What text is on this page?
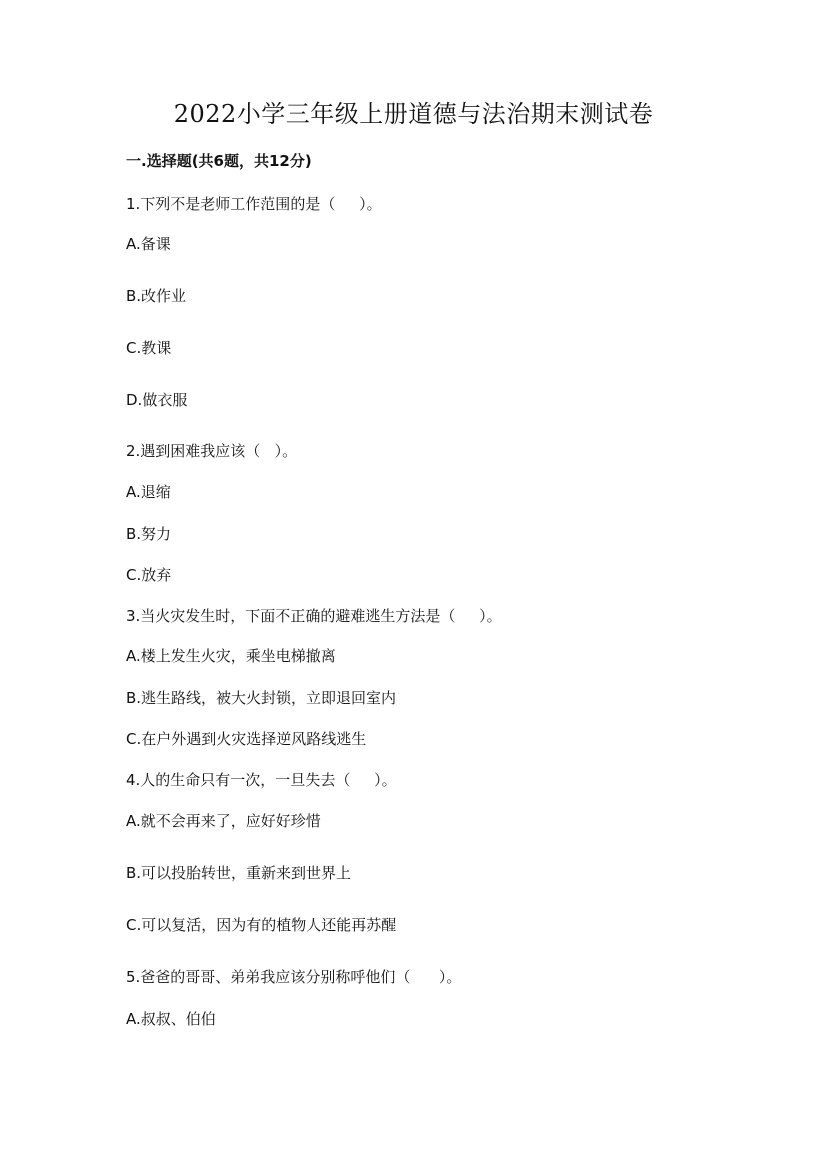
2022小学三年级上册道德与法治期末测试卷
一.选择题(共6题，共12分)
1.下列不是老师工作范围的是（     ）。
A.备课
B.改作业
C.教课
D.做衣服
2.遇到困难我应该（   ）。
A.退缩
B.努力
C.放弃
3.当火灾发生时，下面不正确的避难逃生方法是（     ）。
A.楼上发生火灾，乘坐电梯撤离
B.逃生路线，被大火封锁，立即退回室内
C.在户外遇到火灾选择逆风路线逃生
4.人的生命只有一次，一旦失去（     ）。
A.就不会再来了，应好好珍惜
B.可以投胎转世，重新来到世界上
C.可以复活，因为有的植物人还能再苏醒
5.爸爸的哥哥、弟弟我应该分别称呼他们（      ）。
A.叔叔、伯伯
